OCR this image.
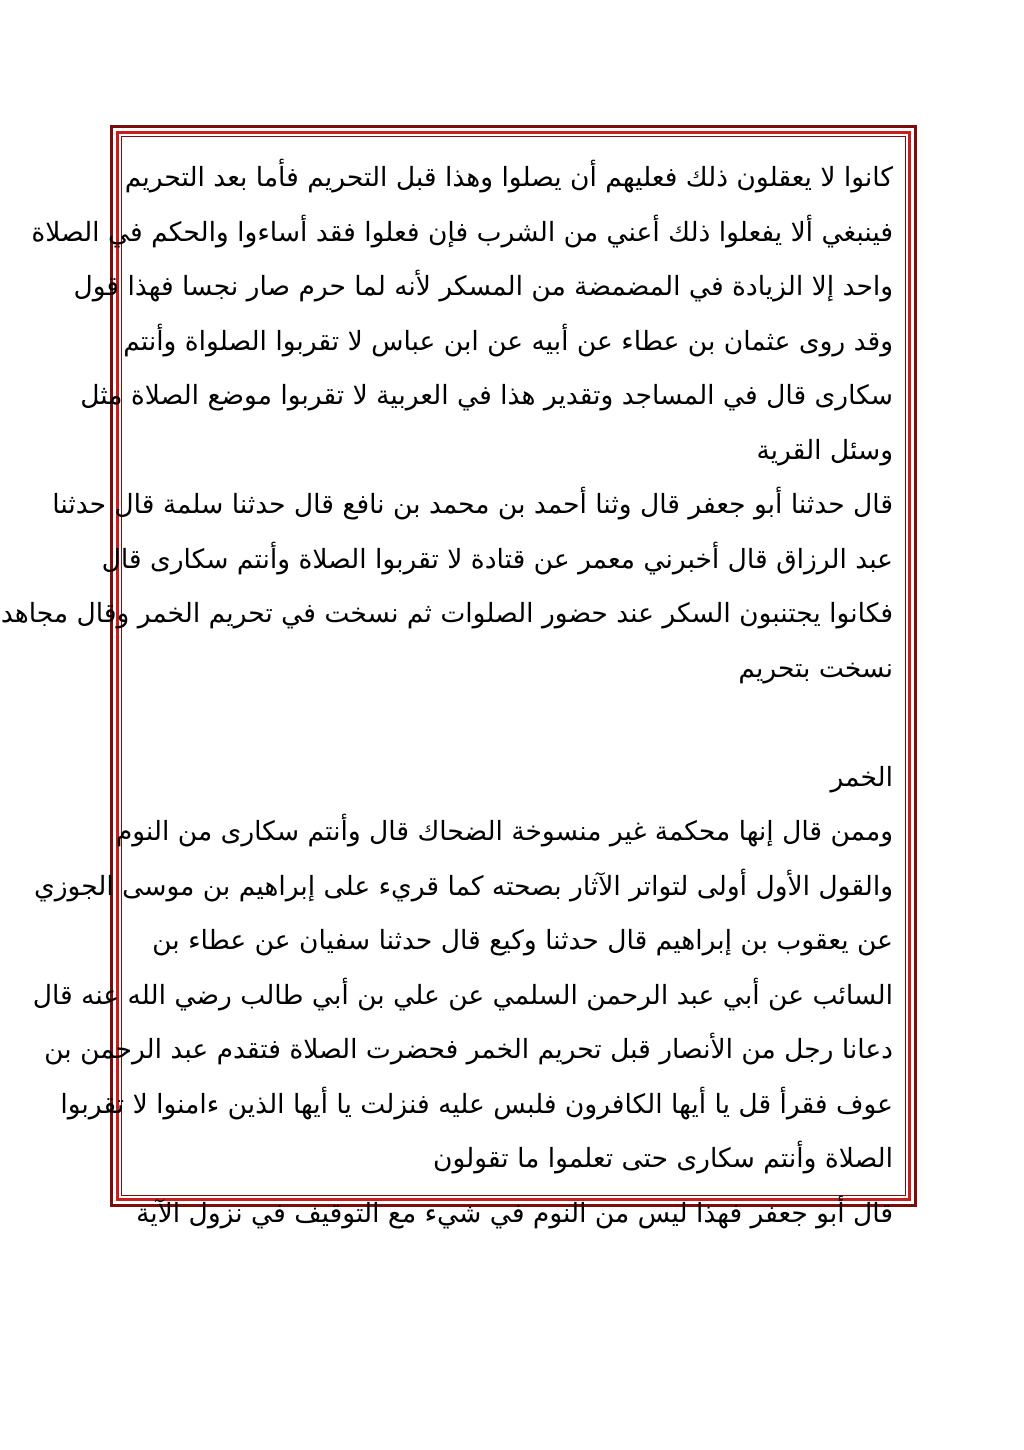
كانوا لا يعقلون ذلك فعليهم أن يصلوا وهذا قبل التحريم فأما بعد التحريم
فينبغي ألا يفعلوا ذلك أعني من الشرب فإن فعلوا فقد أساءوا والحكم في الصلاة
واحد إلا الزيادة في المضمضة من المسكر لأنه لما حرم صار نجسا فهذا قول
وقد روى عثمان بن عطاء عن أبيه عن ابن عباس لا تقربوا الصلواة وأنتم
سكارى قال في المساجد وتقدير هذا في العربية لا تقربوا موضع الصلاة مثل
وسئل القرية
قال حدثنا أبو جعفر قال وثنا أحمد بن محمد بن نافع قال حدثنا سلمة قال حدثنا
عبد الرزاق قال أخبرني معمر عن قتادة لا تقربوا الصلاة وأنتم سكارى قال
فكانوا يجتنبون السكر عند حضور الصلوات ثم نسخت في تحريم الخمر وقال مجاهد
نسخت بتحريم
الخمر
وممن قال إنها محكمة غير منسوخة الضحاك قال وأنتم سكارى من النوم
والقول الأول أولى لتواتر الآثار بصحته كما قريء على إبراهيم بن موسى الجوزي
عن يعقوب بن إبراهيم قال حدثنا وكيع قال حدثنا سفيان عن عطاء بن
السائب عن أبي عبد الرحمن السلمي عن علي بن أبي طالب رضي الله عنه قال
دعانا رجل من الأنصار قبل تحريم الخمر فحضرت الصلاة فتقدم عبد الرحمن بن
عوف فقرأ قل يا أيها الكافرون فلبس عليه فنزلت يا أيها الذين ءامنوا لا تقربوا
الصلاة وأنتم سكارى حتى تعلموا ما تقولون
قال أبو جعفر فهذا ليس من النوم في شيء مع التوقيف في نزول الآية
